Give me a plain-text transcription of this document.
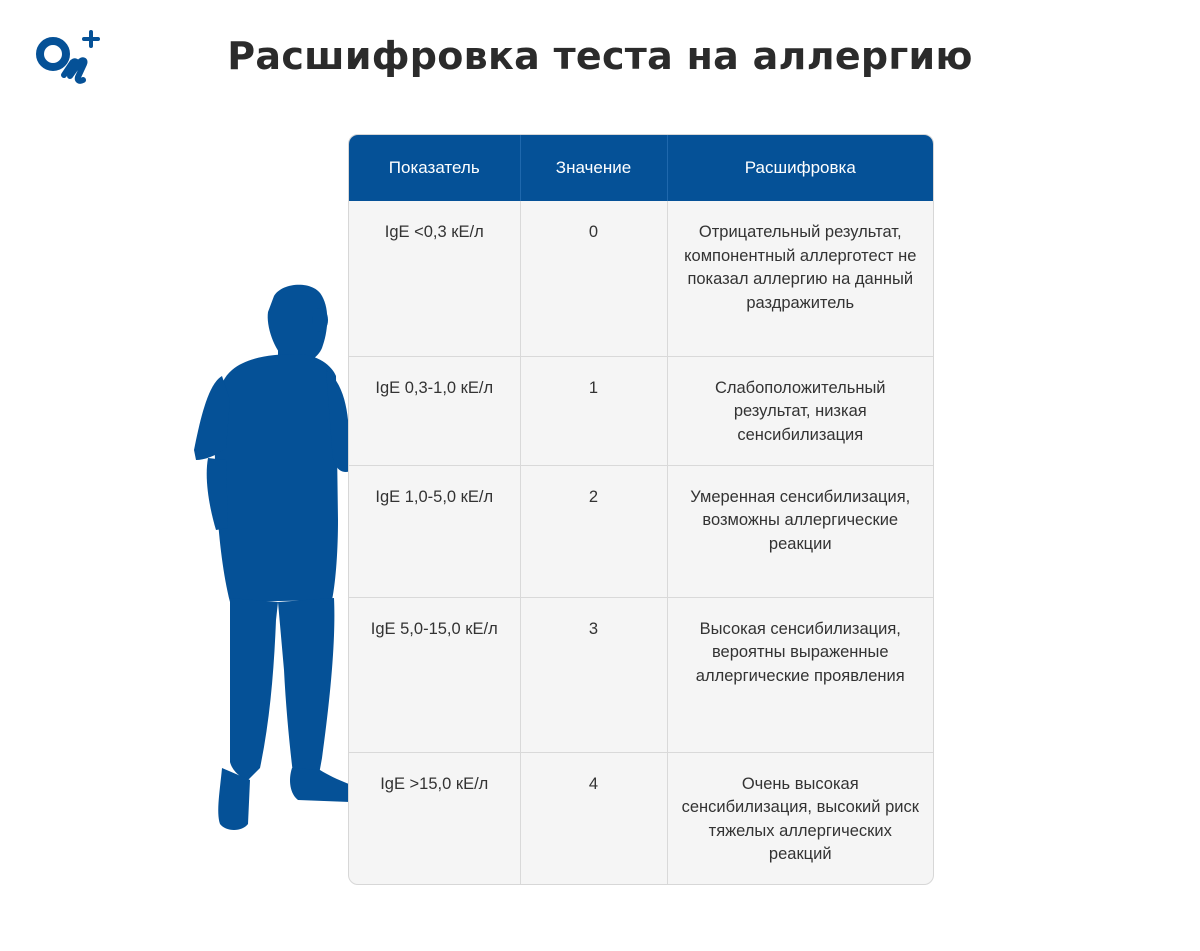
Расшифровка теста на аллергию
Показатель	Значение	Расшифровка
IgE <0,3 кЕ/л	0	Отрицательный результат, компонентный аллерготест не показал аллергию на данный раздражитель
IgE 0,3-1,0 кЕ/л	1	Слабоположительный результат, низкая сенсибилизация
IgE 1,0-5,0 кЕ/л	2	Умеренная сенсибилизация, возможны аллергические реакции
IgE 5,0-15,0 кЕ/л	3	Высокая сенсибилизация, вероятны выраженные аллергические проявления
IgE >15,0 кЕ/л	4	Очень высокая сенсибилизация, высокий риск тяжелых аллергических реакций
